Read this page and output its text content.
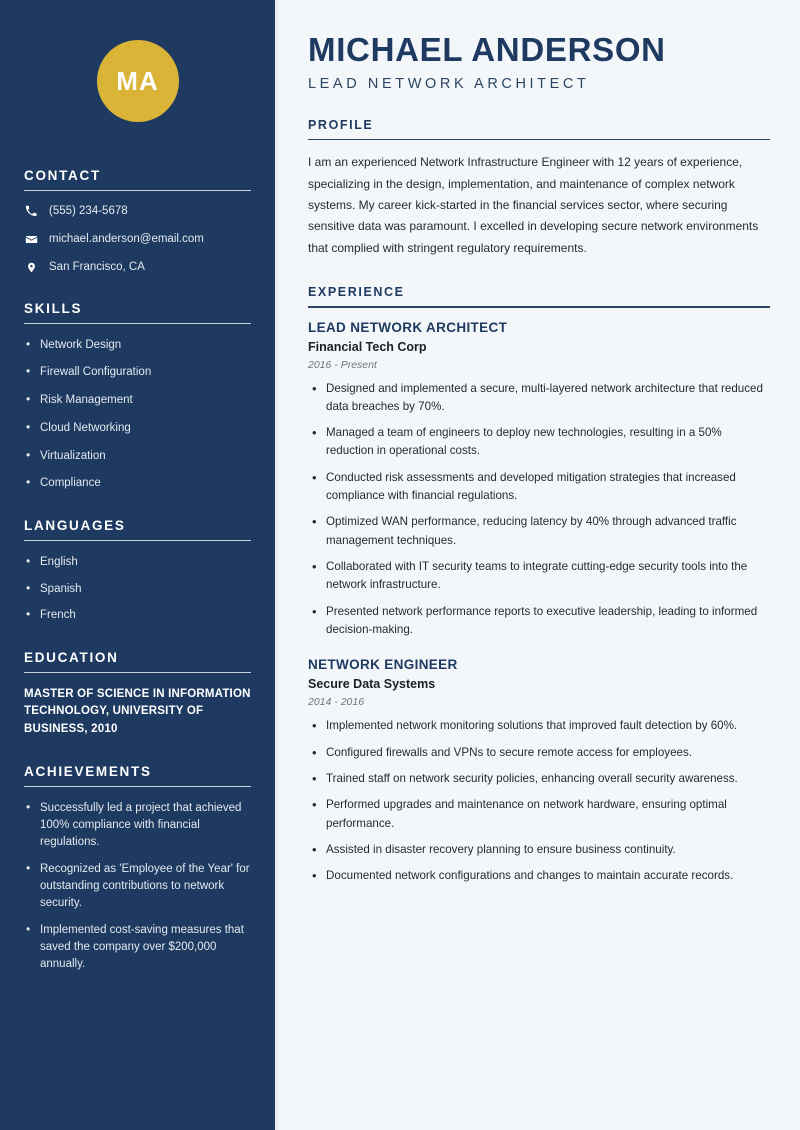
MA
CONTACT
(555) 234-5678
michael.anderson@email.com
San Francisco, CA
SKILLS
• Network Design
• Firewall Configuration
• Risk Management
• Cloud Networking
• Virtualization
• Compliance
LANGUAGES
• English
• Spanish
• French
EDUCATION
MASTER OF SCIENCE IN INFORMATION TECHNOLOGY, UNIVERSITY OF BUSINESS, 2010
ACHIEVEMENTS
• Successfully led a project that achieved 100% compliance with financial regulations.
• Recognized as 'Employee of the Year' for outstanding contributions to network security.
• Implemented cost-saving measures that saved the company over $200,000 annually.
MICHAEL ANDERSON
LEAD NETWORK ARCHITECT
PROFILE

I am an experienced Network Infrastructure Engineer with 12 years of experience, specializing in the design, implementation, and maintenance of complex network systems. My career kick-started in the financial services sector, where securing sensitive data was paramount. I excelled in developing secure network environments that complied with stringent regulatory requirements.

EXPERIENCE
LEAD NETWORK ARCHITECT
Financial Tech Corp
2016 - Present
• Designed and implemented a secure, multi-layered network architecture that reduced data breaches by 70%.
• Managed a team of engineers to deploy new technologies, resulting in a 50% reduction in operational costs.
• Conducted risk assessments and developed mitigation strategies that increased compliance with financial regulations.
• Optimized WAN performance, reducing latency by 40% through advanced traffic management techniques.
• Collaborated with IT security teams to integrate cutting-edge security tools into the network infrastructure.
• Presented network performance reports to executive leadership, leading to informed decision-making.
NETWORK ENGINEER
Secure Data Systems
2014 - 2016
• Implemented network monitoring solutions that improved fault detection by 60%.
• Configured firewalls and VPNs to secure remote access for employees.
• Trained staff on network security policies, enhancing overall security awareness.
• Performed upgrades and maintenance on network hardware, ensuring optimal performance.
• Assisted in disaster recovery planning to ensure business continuity.
• Documented network configurations and changes to maintain accurate records.
